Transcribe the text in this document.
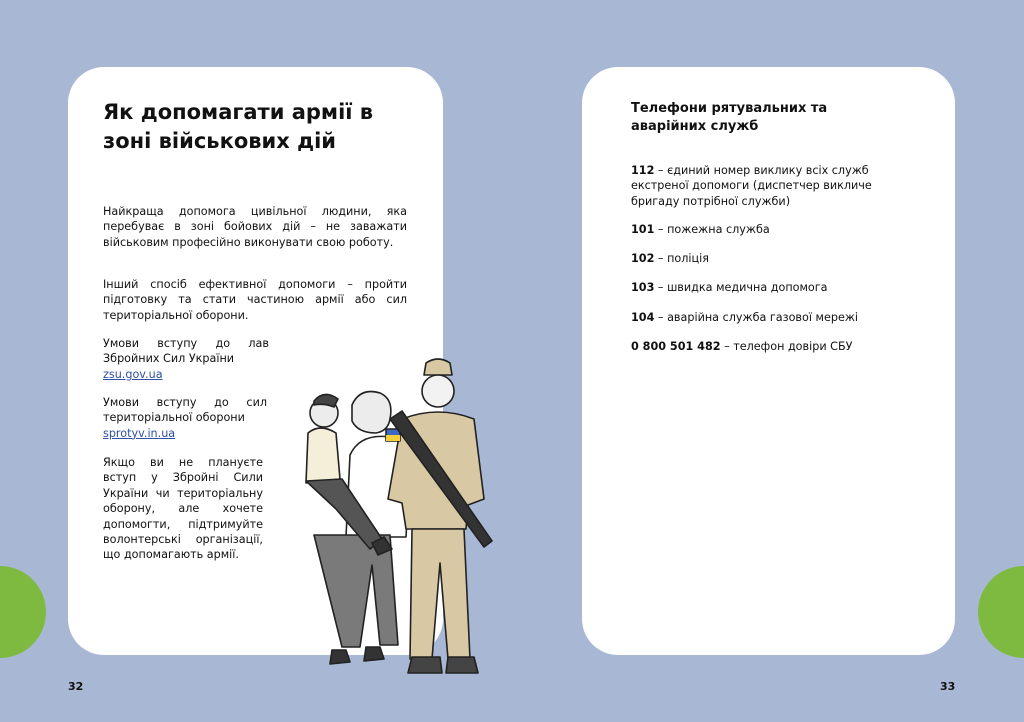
Як допомагати армії в зоні військових дій

Найкраща допомога цивільної людини, яка перебуває в зоні бойових дій – не заважати військовим професійно виконувати свою роботу.

Інший спосіб ефективної допомоги – пройти підготовку та стати частиною армії або сил територіальної оборони.

Умови вступу до лав Збройних Сил України
zsu.gov.ua

Умови вступу до сил територіальної оборони
sprotyv.in.ua

Якщо ви не плануєте вступ у Збройні Сили України чи територіальну оборону, але хочете допомогти, підтримуйте волонтерські організації, що допомагають армії.

32
Телефони рятувальних та аварійних служб

112 – єдиний номер виклику всіх служб екстреної допомоги (диспетчер викличе бригаду потрібної служби)

101 – пожежна служба

102 – поліція

103 – швидка медична допомога

104 – аварійна служба газової мережі

0 800 501 482 – телефон довіри СБУ

33
